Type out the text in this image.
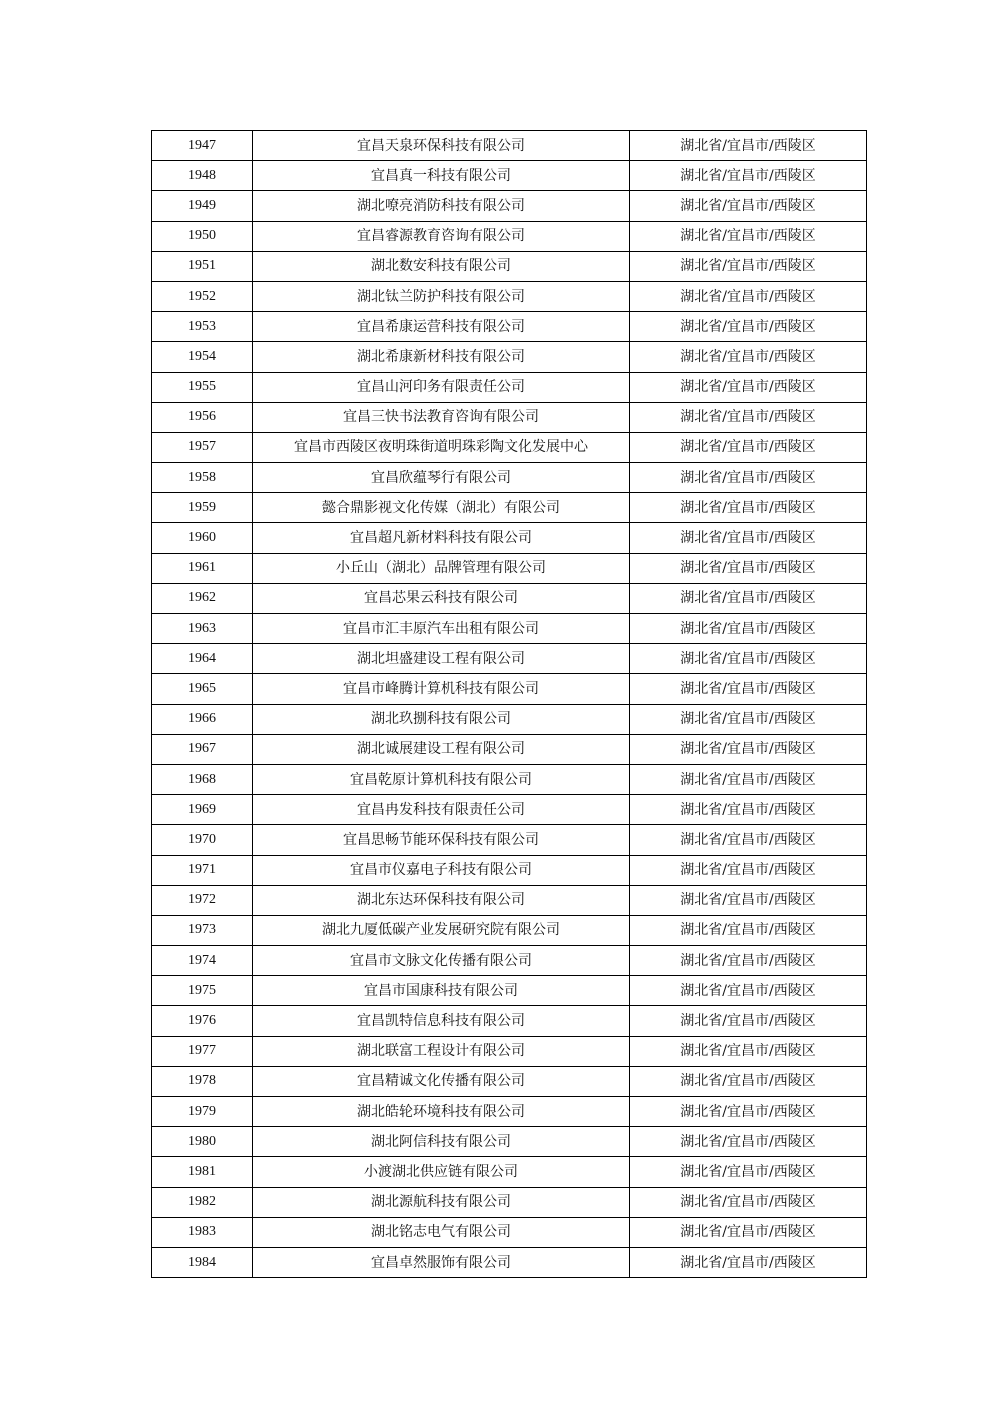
1947	宜昌天泉环保科技有限公司	湖北省/宜昌市/西陵区
1948	宜昌真一科技有限公司	湖北省/宜昌市/西陵区
1949	湖北嘹亮消防科技有限公司	湖北省/宜昌市/西陵区
1950	宜昌睿源教育咨询有限公司	湖北省/宜昌市/西陵区
1951	湖北数安科技有限公司	湖北省/宜昌市/西陵区
1952	湖北钛兰防护科技有限公司	湖北省/宜昌市/西陵区
1953	宜昌希康运营科技有限公司	湖北省/宜昌市/西陵区
1954	湖北希康新材科技有限公司	湖北省/宜昌市/西陵区
1955	宜昌山河印务有限责任公司	湖北省/宜昌市/西陵区
1956	宜昌三快书法教育咨询有限公司	湖北省/宜昌市/西陵区
1957	宜昌市西陵区夜明珠街道明珠彩陶文化发展中心	湖北省/宜昌市/西陵区
1958	宜昌欣蕴琴行有限公司	湖北省/宜昌市/西陵区
1959	懿合鼎影视文化传媒（湖北）有限公司	湖北省/宜昌市/西陵区
1960	宜昌超凡新材料科技有限公司	湖北省/宜昌市/西陵区
1961	小丘山（湖北）品牌管理有限公司	湖北省/宜昌市/西陵区
1962	宜昌芯果云科技有限公司	湖北省/宜昌市/西陵区
1963	宜昌市汇丰原汽车出租有限公司	湖北省/宜昌市/西陵区
1964	湖北坦盛建设工程有限公司	湖北省/宜昌市/西陵区
1965	宜昌市峰腾计算机科技有限公司	湖北省/宜昌市/西陵区
1966	湖北玖捌科技有限公司	湖北省/宜昌市/西陵区
1967	湖北诚展建设工程有限公司	湖北省/宜昌市/西陵区
1968	宜昌乾原计算机科技有限公司	湖北省/宜昌市/西陵区
1969	宜昌冉发科技有限责任公司	湖北省/宜昌市/西陵区
1970	宜昌思畅节能环保科技有限公司	湖北省/宜昌市/西陵区
1971	宜昌市仪嘉电子科技有限公司	湖北省/宜昌市/西陵区
1972	湖北东达环保科技有限公司	湖北省/宜昌市/西陵区
1973	湖北九厦低碳产业发展研究院有限公司	湖北省/宜昌市/西陵区
1974	宜昌市文脉文化传播有限公司	湖北省/宜昌市/西陵区
1975	宜昌市国康科技有限公司	湖北省/宜昌市/西陵区
1976	宜昌凯特信息科技有限公司	湖北省/宜昌市/西陵区
1977	湖北联富工程设计有限公司	湖北省/宜昌市/西陵区
1978	宜昌精诚文化传播有限公司	湖北省/宜昌市/西陵区
1979	湖北皓轮环境科技有限公司	湖北省/宜昌市/西陵区
1980	湖北阿信科技有限公司	湖北省/宜昌市/西陵区
1981	小渡湖北供应链有限公司	湖北省/宜昌市/西陵区
1982	湖北源航科技有限公司	湖北省/宜昌市/西陵区
1983	湖北铭志电气有限公司	湖北省/宜昌市/西陵区
1984	宜昌卓然服饰有限公司	湖北省/宜昌市/西陵区
